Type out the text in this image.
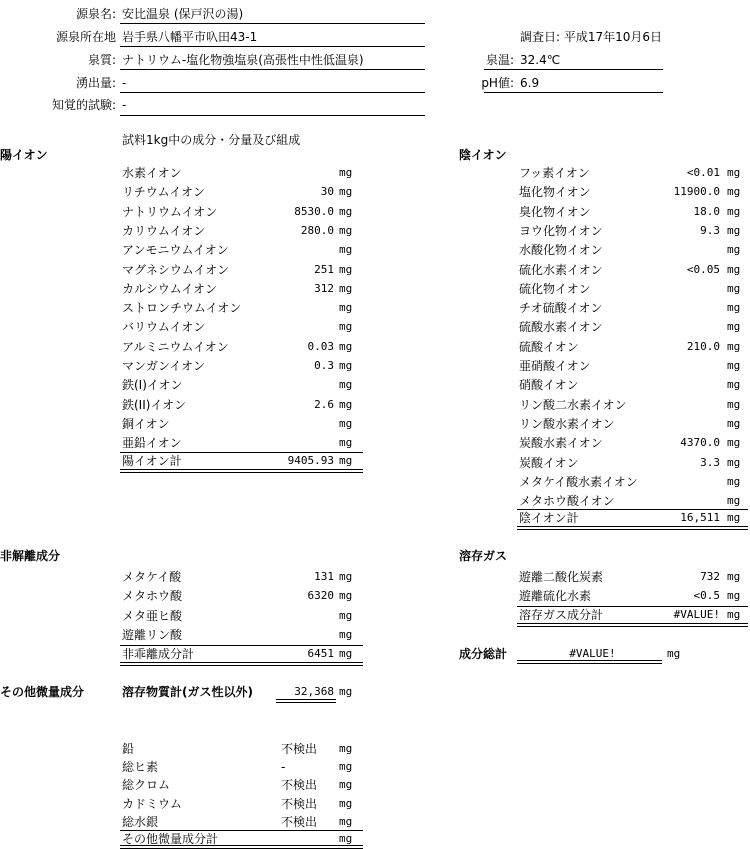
源泉名: 安比温泉 (保戸沢の湯)
源泉所在地 岩手県八幡平市叺田43-1	調査日: 平成17年10月6日
泉質: ナトリウム-塩化物強塩泉(高張性中性低温泉)	泉温: 32.4℃
湧出量: -	pH値: 6.9
知覚的試験: -
試料1kg中の成分・分量及び組成
陽イオン	陰イオン
水素イオン	mg
リチウムイオン	30 mg
ナトリウムイオン	8530.0 mg
カリウムイオン	280.0 mg
アンモニウムイオン	mg
マグネシウムイオン	251 mg
カルシウムイオン	312 mg
ストロンチウムイオン	mg
バリウムイオン	mg
アルミニウムイオン	0.03 mg
マンガンイオン	0.3 mg
鉄(I)イオン	mg
鉄(II)イオン	2.6 mg
銅イオン	mg
亜鉛イオン	mg
陽イオン計	9405.93 mg
フッ素イオン	<0.01 mg
塩化物イオン	11900.0 mg
臭化物イオン	18.0 mg
ヨウ化物イオン	9.3 mg
水酸化物イオン	mg
硫化水素イオン	<0.05 mg
硫化物イオン	mg
チオ硫酸イオン	mg
硫酸水素イオン	mg
硫酸イオン	210.0 mg
亜硝酸イオン	mg
硝酸イオン	mg
リン酸二水素イオン	mg
リン酸水素イオン	mg
炭酸水素イオン	4370.0 mg
炭酸イオン	3.3 mg
メタケイ酸水素イオン	mg
メタホウ酸イオン	mg
陰イオン計	16,511 mg
非解離成分
メタケイ酸	131 mg
メタホウ酸	6320 mg
メタ亜ヒ酸	mg
遊離リン酸	mg
非乖離成分計	6451 mg
溶存ガス
遊離二酸化炭素	732 mg
遊離硫化水素	<0.5 mg
溶存ガス成分計	#VALUE! mg
成分総計	#VALUE!	mg
その他微量成分	溶存物質計(ガス性以外)	32,368 mg
鉛	不検出 mg
総ヒ素	-	mg
総クロム	不検出 mg
カドミウム	不検出 mg
総水銀	不検出 mg
その他微量成分計	mg
